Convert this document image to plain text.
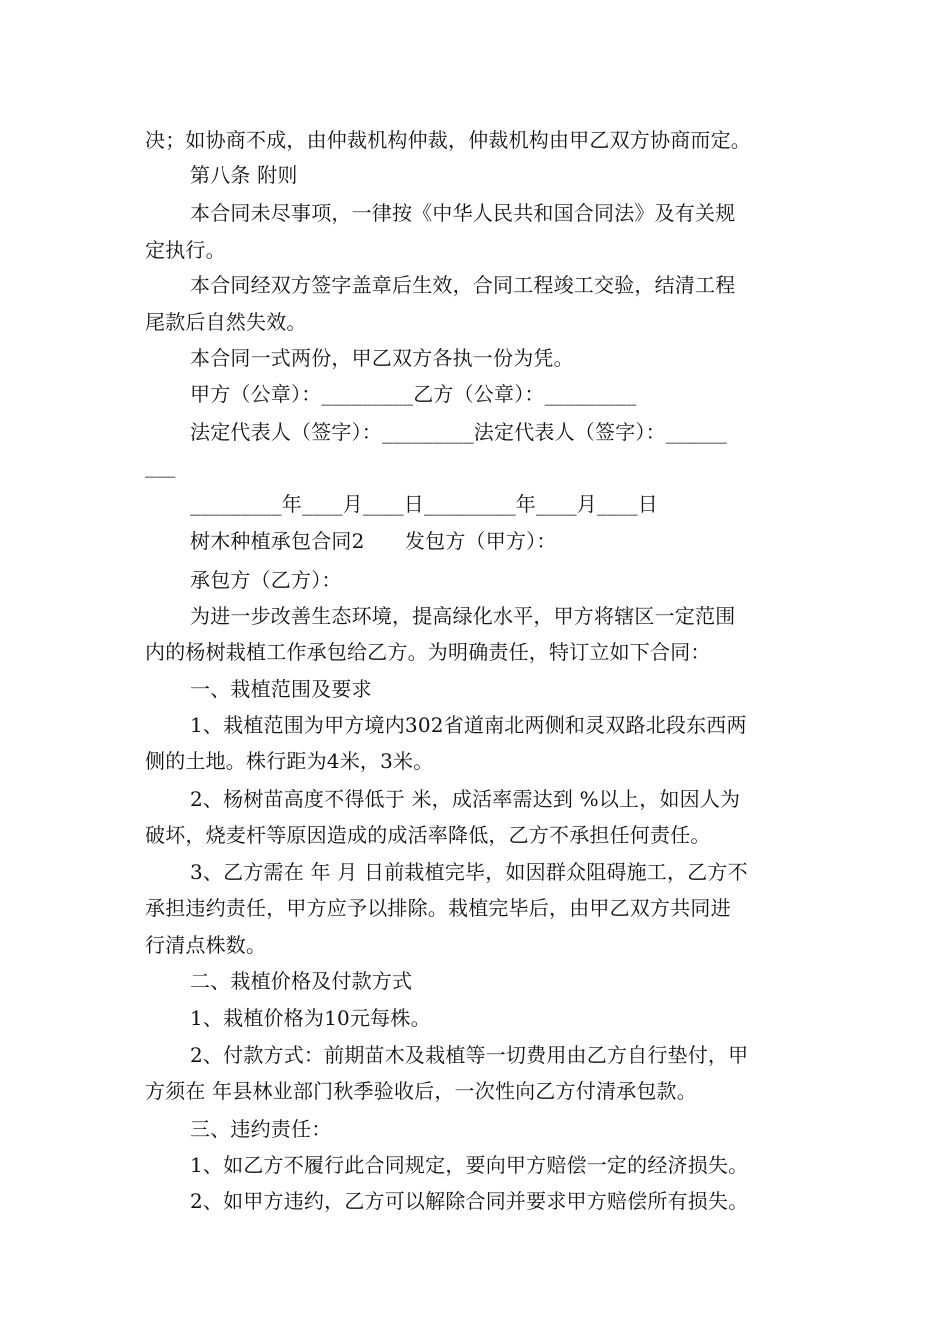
决；如协商不成，由仲裁机构仲裁，仲裁机构由甲乙双方协商而定。
第八条 附则
本合同未尽事项，一律按《中华人民共和国合同法》及有关规
定执行。
本合同经双方签字盖章后生效，合同工程竣工交验，结清工程
尾款后自然失效。
本合同一式两份，甲乙双方各执一份为凭。
甲方（公章）：_________乙方（公章）：_________
法定代表人（签字）：_________法定代表人（签字）：______
___
_________年____月____日_________年____月____日
树木种植承包合同2　　发包方（甲方）：
承包方（乙方）：
为进一步改善生态环境，提高绿化水平，甲方将辖区一定范围
内的杨树栽植工作承包给乙方。为明确责任，特订立如下合同：
一、栽植范围及要求
1、栽植范围为甲方境内302省道南北两侧和灵双路北段东西两
侧的土地。株行距为4米，3米。
2、杨树苗高度不得低于 米，成活率需达到 %以上，如因人为
破坏，烧麦杆等原因造成的成活率降低，乙方不承担任何责任。
3、乙方需在 年 月 日前栽植完毕，如因群众阻碍施工，乙方不
承担违约责任，甲方应予以排除。栽植完毕后，由甲乙双方共同进
行清点株数。
二、栽植价格及付款方式
1、栽植价格为10元每株。
2、付款方式：前期苗木及栽植等一切费用由乙方自行垫付，甲
方须在 年县林业部门秋季验收后，一次性向乙方付清承包款。
三、违约责任：
1、如乙方不履行此合同规定，要向甲方赔偿一定的经济损失。
2、如甲方违约，乙方可以解除合同并要求甲方赔偿所有损失。
